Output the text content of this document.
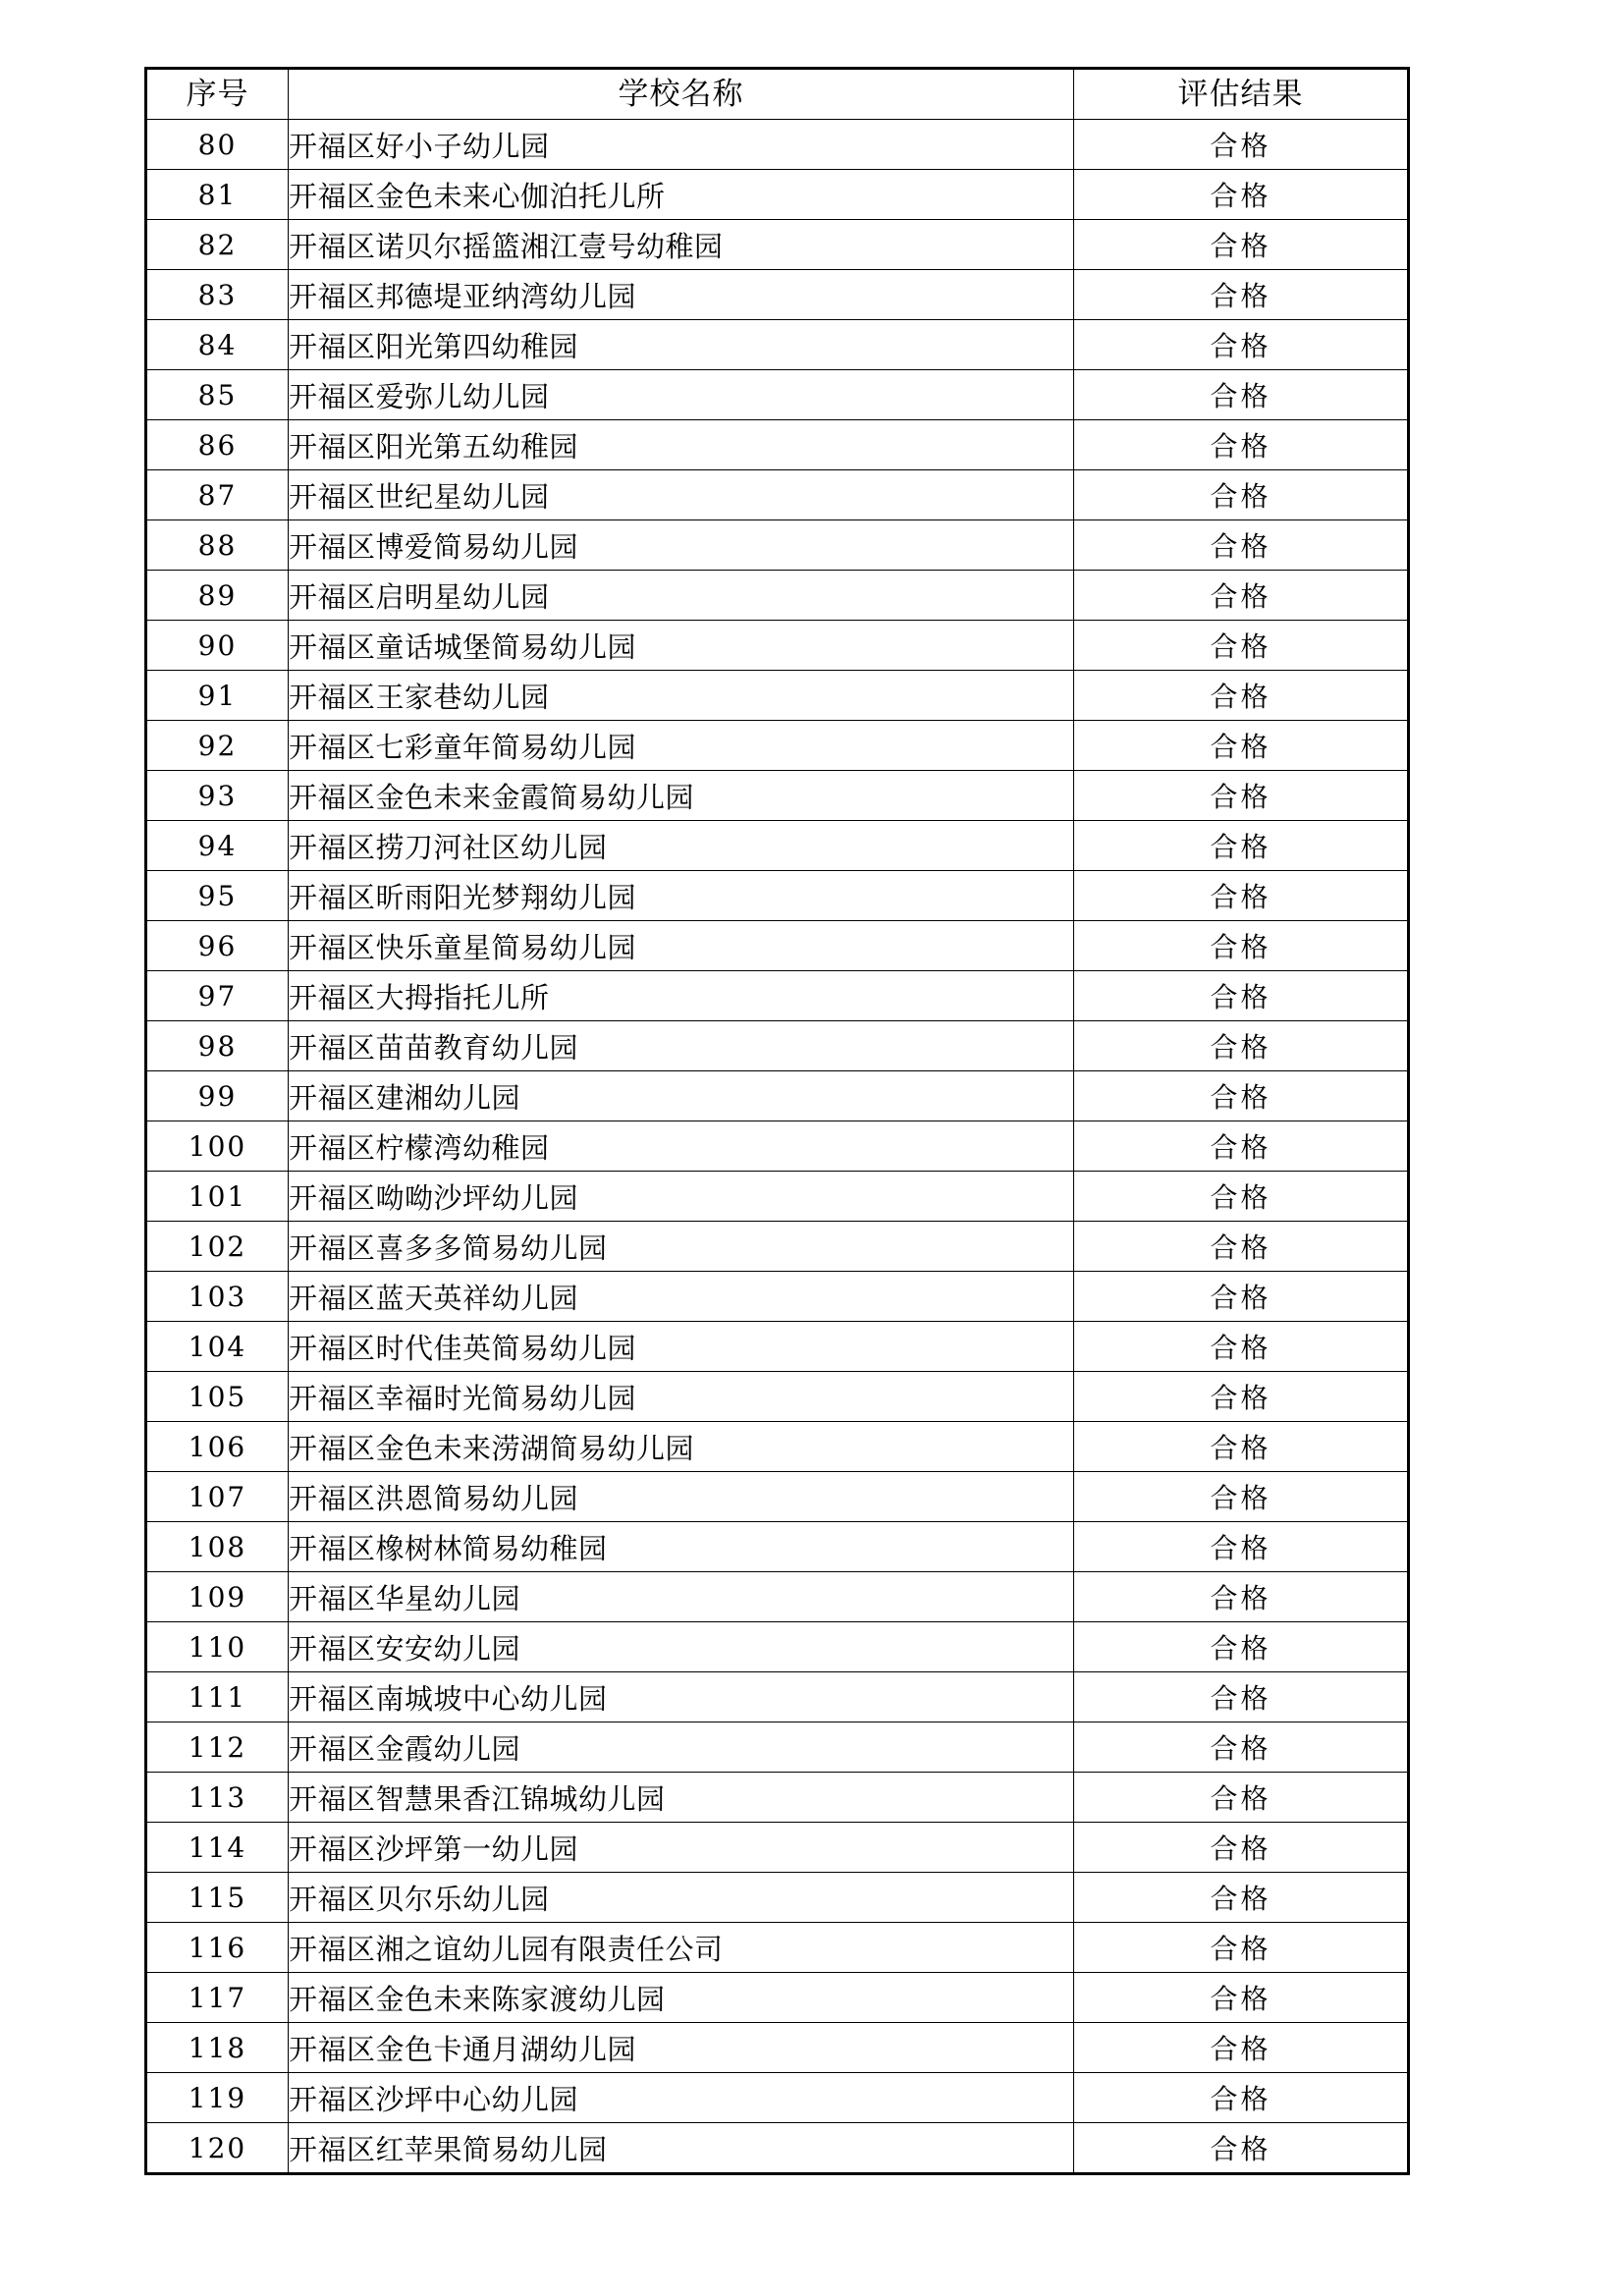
序号	学校名称	评估结果
80	开福区好小子幼儿园	合格
81	开福区金色未来心伽泊托儿所	合格
82	开福区诺贝尔摇篮湘江壹号幼稚园	合格
83	开福区邦德堤亚纳湾幼儿园	合格
84	开福区阳光第四幼稚园	合格
85	开福区爱弥儿幼儿园	合格
86	开福区阳光第五幼稚园	合格
87	开福区世纪星幼儿园	合格
88	开福区博爱简易幼儿园	合格
89	开福区启明星幼儿园	合格
90	开福区童话城堡简易幼儿园	合格
91	开福区王家巷幼儿园	合格
92	开福区七彩童年简易幼儿园	合格
93	开福区金色未来金霞简易幼儿园	合格
94	开福区捞刀河社区幼儿园	合格
95	开福区昕雨阳光梦翔幼儿园	合格
96	开福区快乐童星简易幼儿园	合格
97	开福区大拇指托儿所	合格
98	开福区苗苗教育幼儿园	合格
99	开福区建湘幼儿园	合格
100	开福区柠檬湾幼稚园	合格
101	开福区呦呦沙坪幼儿园	合格
102	开福区喜多多简易幼儿园	合格
103	开福区蓝天英祥幼儿园	合格
104	开福区时代佳英简易幼儿园	合格
105	开福区幸福时光简易幼儿园	合格
106	开福区金色未来涝湖简易幼儿园	合格
107	开福区洪恩简易幼儿园	合格
108	开福区橡树林简易幼稚园	合格
109	开福区华星幼儿园	合格
110	开福区安安幼儿园	合格
111	开福区南城坡中心幼儿园	合格
112	开福区金霞幼儿园	合格
113	开福区智慧果香江锦城幼儿园	合格
114	开福区沙坪第一幼儿园	合格
115	开福区贝尔乐幼儿园	合格
116	开福区湘之谊幼儿园有限责任公司	合格
117	开福区金色未来陈家渡幼儿园	合格
118	开福区金色卡通月湖幼儿园	合格
119	开福区沙坪中心幼儿园	合格
120	开福区红苹果简易幼儿园	合格
